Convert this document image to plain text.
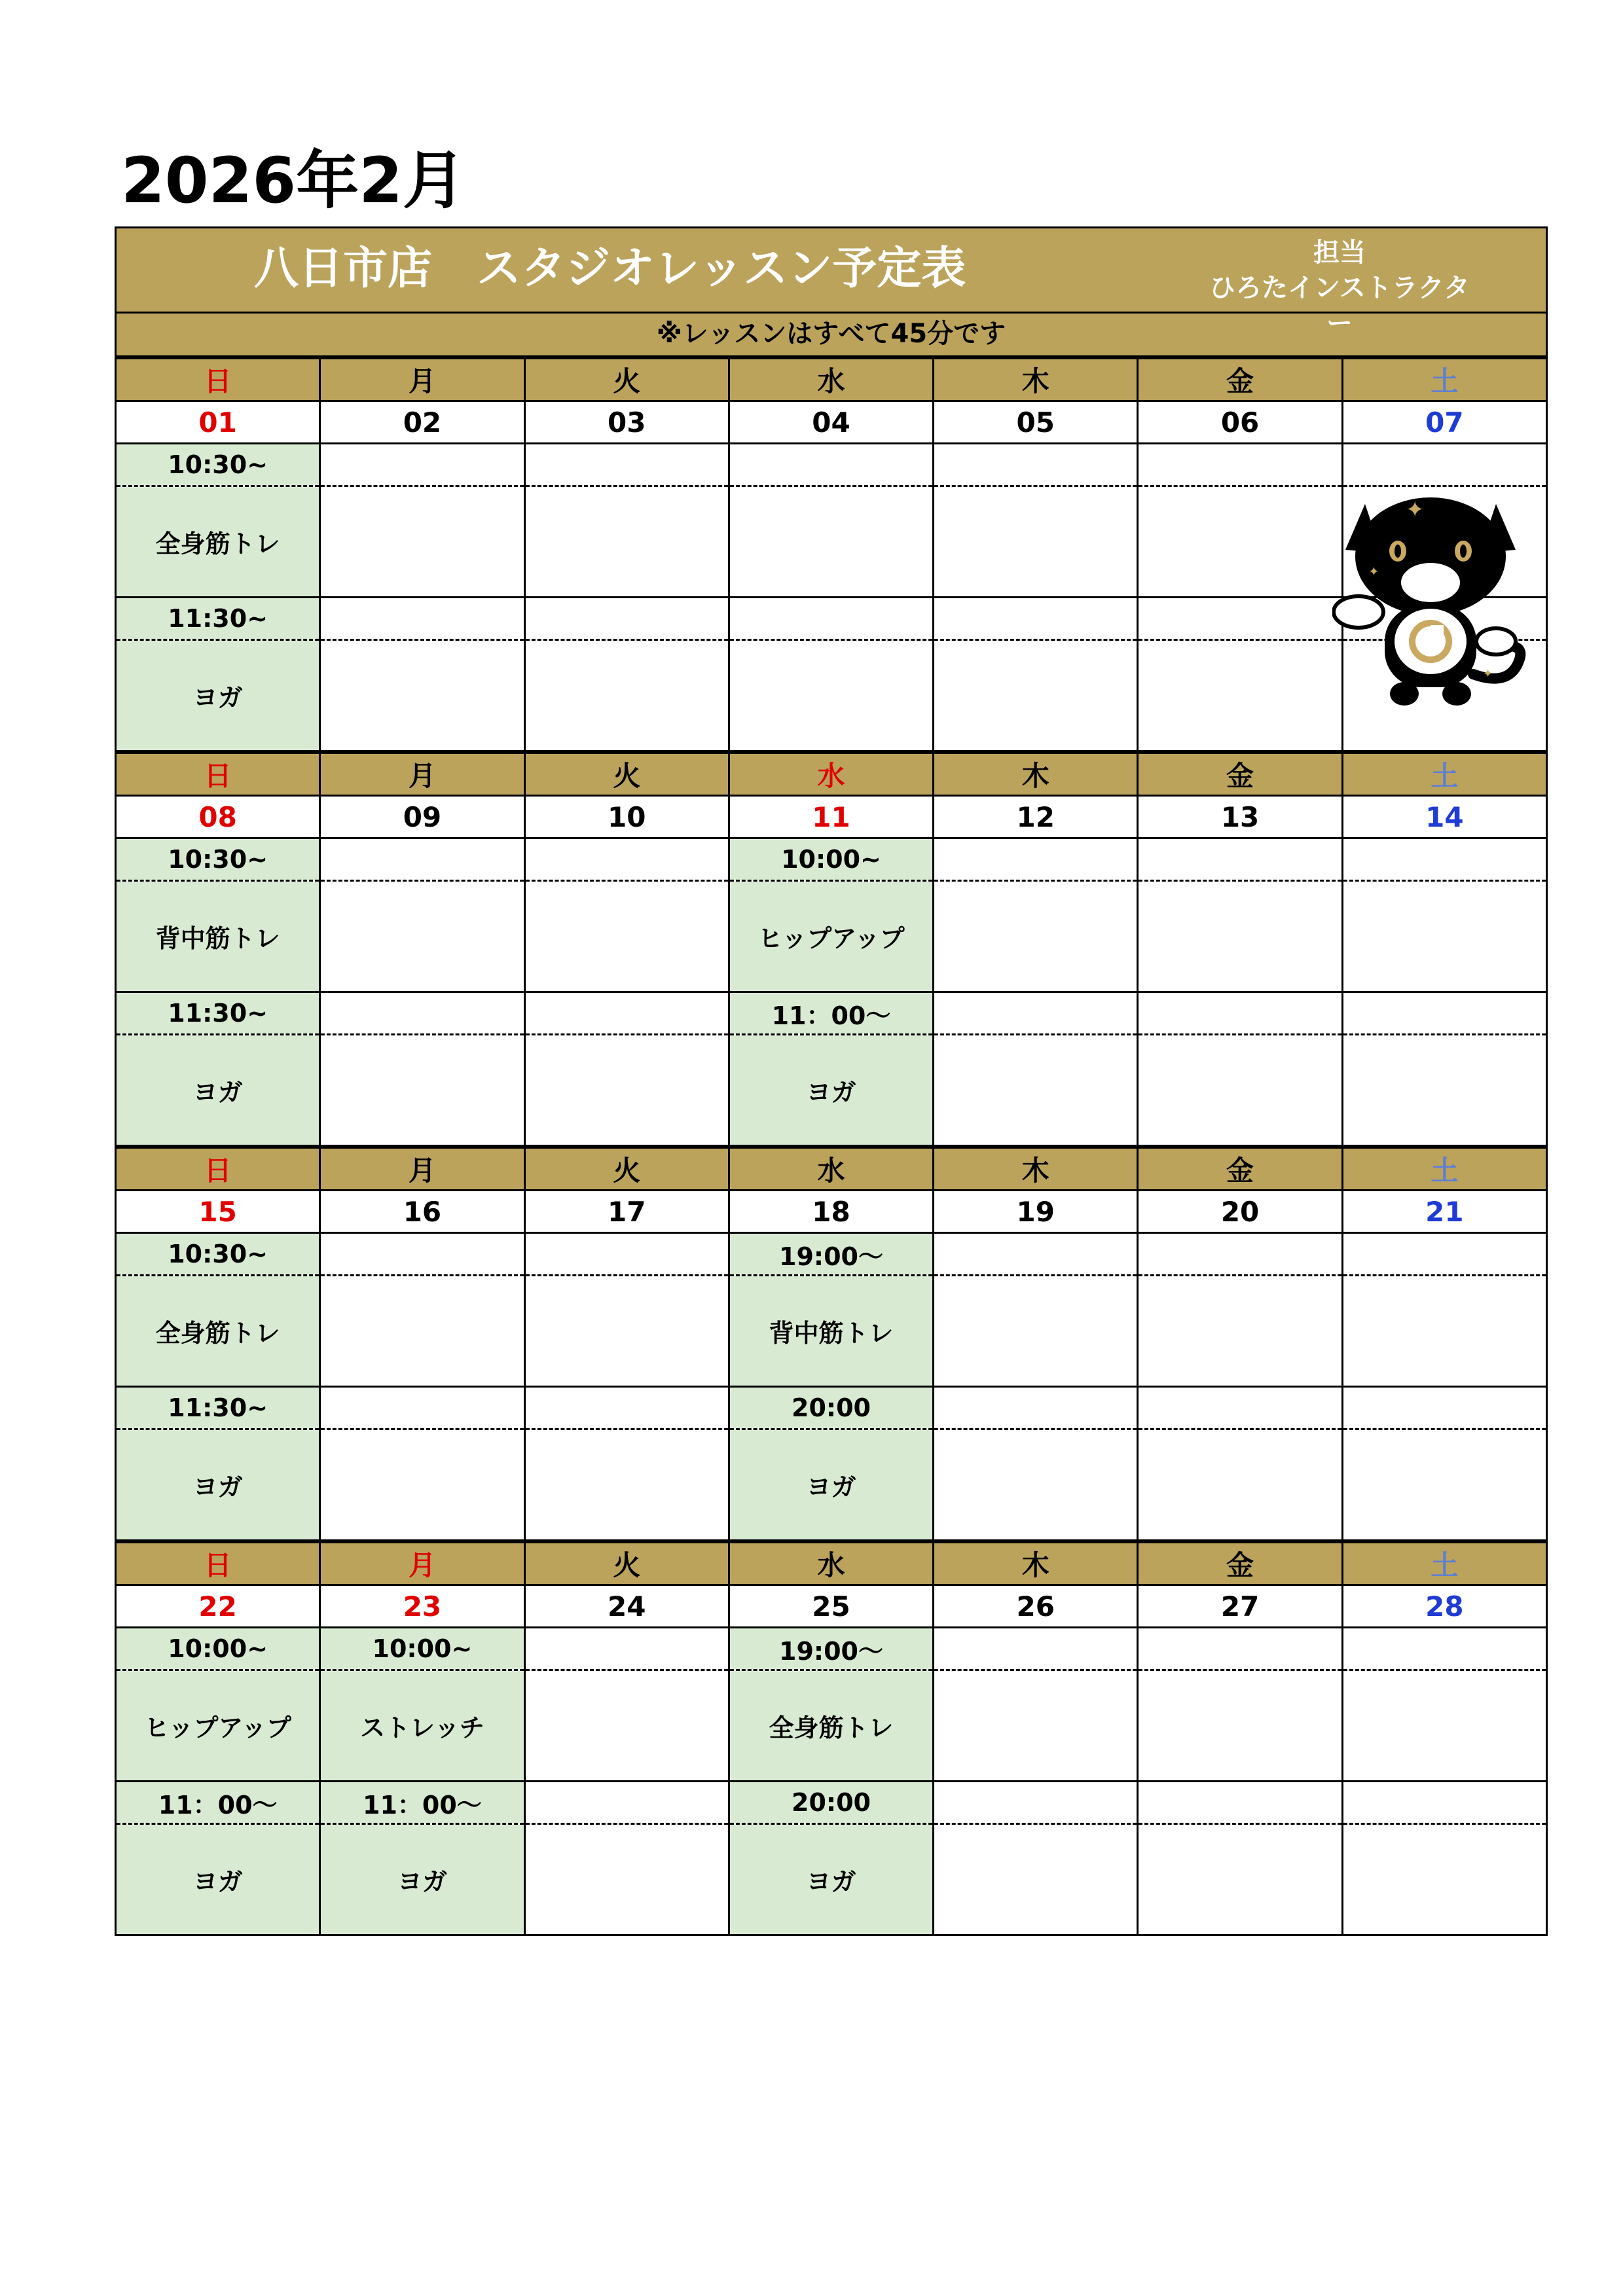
2026年2月
八日市店　スタジオレッスン予定表	担当
ひろたインストラクター
※レッスンはすべて45分です
日	月	火	水	木	金	土
01	02	03	04	05	06	07
10:30~						
全身筋トレ						
11:30~						
ヨガ						
日	月	火	水	木	金	土
08	09	10	11	12	13	14
10:30~			10:00~			
背中筋トレ			ヒップアップ			
11:30~			11：00〜			
ヨガ			ヨガ			
日	月	火	水	木	金	土
15	16	17	18	19	20	21
10:30~			19:00〜			
全身筋トレ			背中筋トレ			
11:30~			20:00			
ヨガ			ヨガ			
日	月	火	水	木	金	土
22	23	24	25	26	27	28
10:00~	10:00~		19:00〜			
ヒップアップ	ストレッチ		全身筋トレ			
11：00〜	11：00〜		20:00			
ヨガ	ヨガ		ヨガ			
✦
✦
✦
